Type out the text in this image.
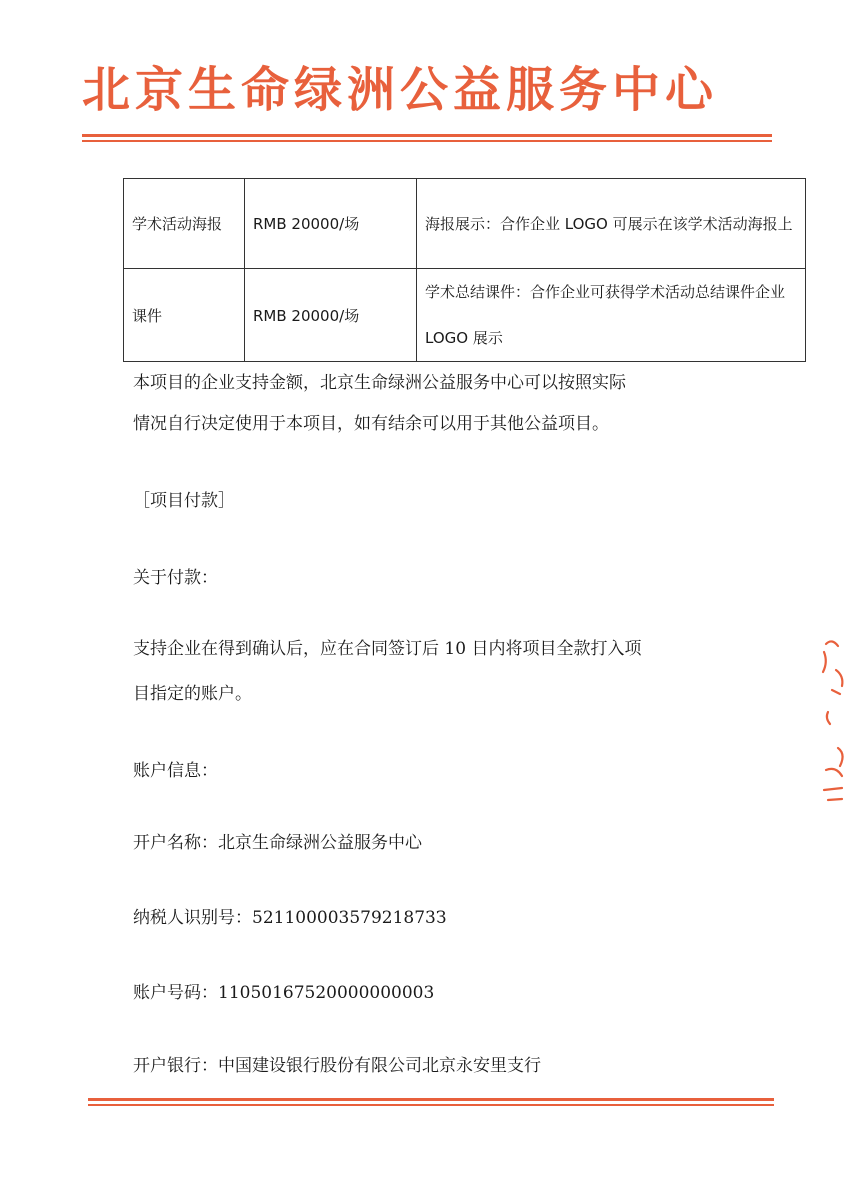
北京生命绿洲公益服务中心
学术活动海报	RMB 20000/场	海报展示：合作企业 LOGO 可展示在该学术活动海报上
课件	RMB 20000/场	学术总结课件：合作企业可获得学术活动总结课件企业 LOGO 展示
本项目的企业支持金额，北京生命绿洲公益服务中心可以按照实际
情况自行决定使用于本项目，如有结余可以用于其他公益项目。
［项目付款］
关于付款：
支持企业在得到确认后，应在合同签订后 10 日内将项目全款打入项
目指定的账户。
账户信息：
开户名称：北京生命绿洲公益服务中心
纳税人识别号：52110000357921873З
账户号码：11050167520000000003
开户银行：中国建设银行股份有限公司北京永安里支行
